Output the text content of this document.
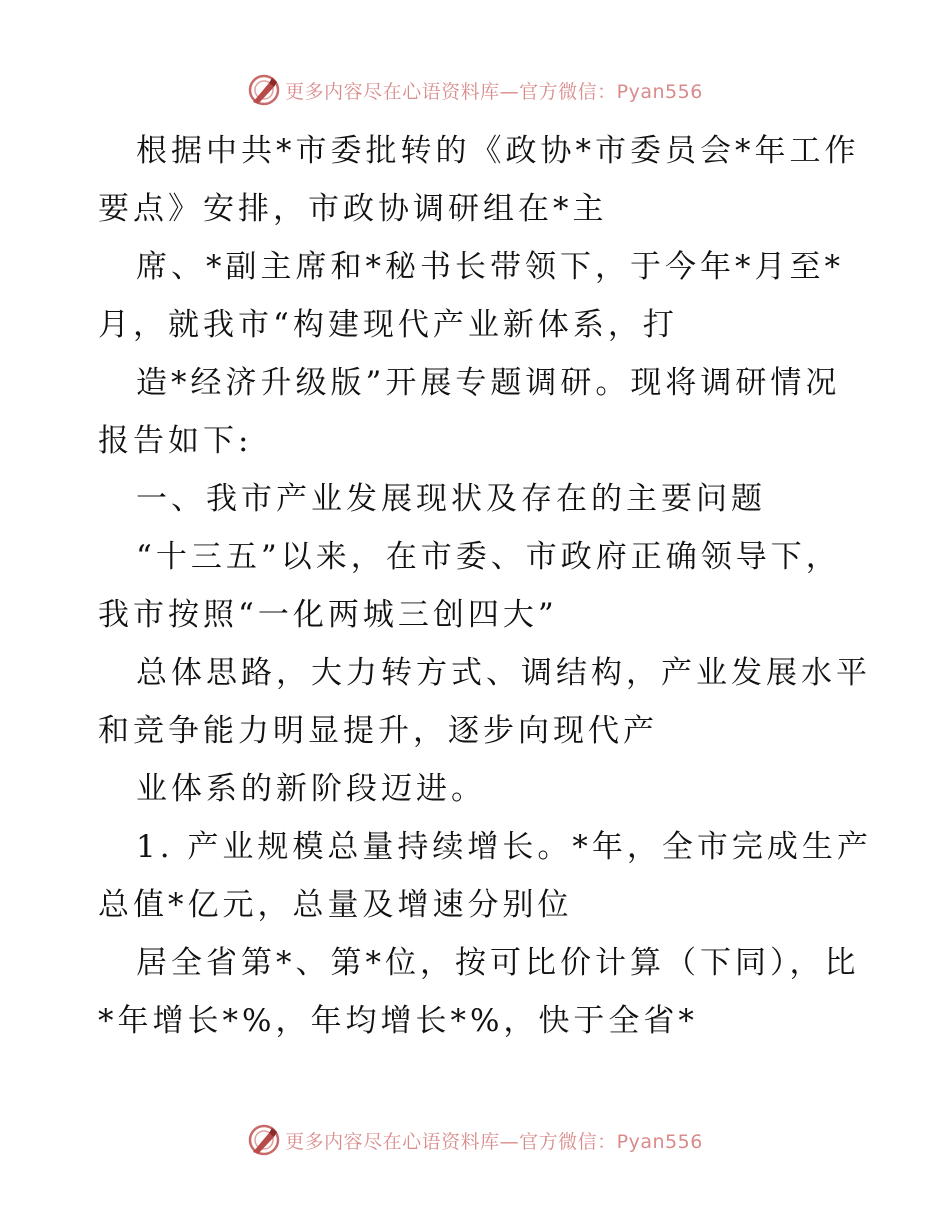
更多内容尽在心语资料库—官方微信：Pyan556
根据中共*市委批转的《政协*市委员会*年工作
要点》安排，市政协调研组在*主
席、*副主席和*秘书长带领下，于今年*月至*
月，就我市“构建现代产业新体系，打
造*经济升级版”开展专题调研。现将调研情况
报告如下:
一、我市产业发展现状及存在的主要问题
“十三五”以来，在市委、市政府正确领导下，
我市按照“一化两城三创四大”
总体思路，大力转方式、调结构，产业发展水平
和竞争能力明显提升，逐步向现代产
业体系的新阶段迈进。
1. 产业规模总量持续增长。*年，全市完成生产
总值*亿元，总量及增速分别位
居全省第*、第*位，按可比价计算（下同），比
*年增长*%，年均增长*%，快于全省*
更多内容尽在心语资料库—官方微信：Pyan556
